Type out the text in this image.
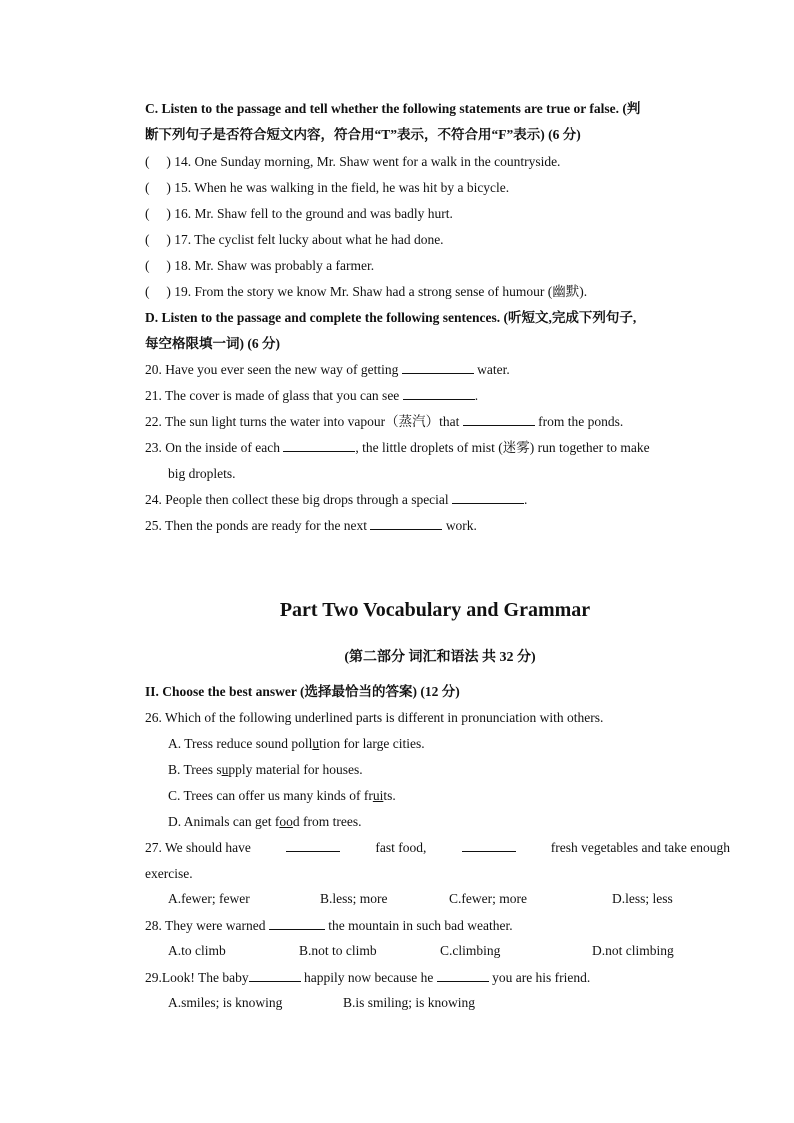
C. Listen to the passage and tell whether the following statements are true or false. (判
断下列句子是否符合短文内容，符合用“T”表示，不符合用“F”表示) (6 分)
(     ) 14. One Sunday morning, Mr. Shaw went for a walk in the countryside.
(     ) 15. When he was walking in the field, he was hit by a bicycle.
(     ) 16. Mr. Shaw fell to the ground and was badly hurt.
(     ) 17. The cyclist felt lucky about what he had done.
(     ) 18. Mr. Shaw was probably a farmer.
(     ) 19. From the story we know Mr. Shaw had a strong sense of humour (幽默).
D. Listen to the passage and complete the following sentences. (听短文,完成下列句子,
每空格限填一词) (6 分)
20. Have you ever seen the new way of getting	water.
21. The cover is made of glass that you can see	.
22. The sun light turns the water into vapour（蒸汽）that	from the ponds.
23. On the inside of each	, the little droplets of mist (迷雾) run together to make
big droplets.
24. People then collect these big drops through a special	.
25. Then the ponds are ready for the next	work.
Part Two Vocabulary and Grammar
(第二部分 词汇和语法 共 32 分)
II. Choose the best answer (选择最恰当的答案) (12 分)
26. Which of the following underlined parts is different in pronunciation with others.
A. Tress reduce sound pollution for large cities.
B. Trees supply material for houses.
C. Trees can offer us many kinds of fruits.
D. Animals can get food from trees.
27. We should have	fast food,	fresh vegetables and take enough
exercise.
A.fewer; fewer	B.less; more	C.fewer; more	D.less; less
28. They were warned	the mountain in such bad weather.
A.to climb	B.not to climb	C.climbing	D.not climbing
29.Look! The baby	happily now because he	you are his friend.
A.smiles; is knowing	B.is smiling; is knowing
